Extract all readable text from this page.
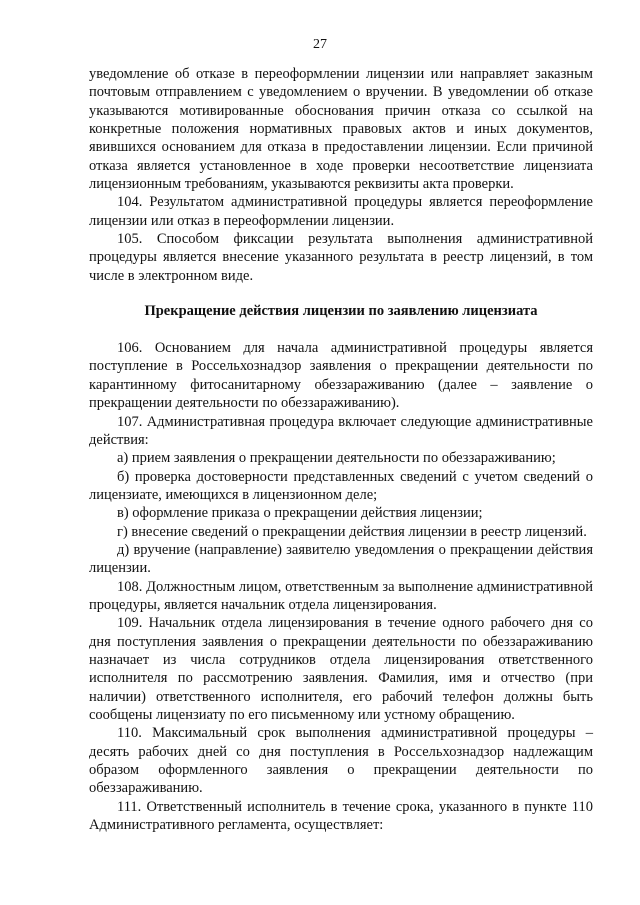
27

уведомление об отказе в переоформлении лицензии или направляет заказным почтовым отправлением с уведомлением о вручении. В уведомлении об отказе указываются мотивированные обоснования причин отказа со ссылкой на конкретные положения нормативных правовых актов и иных документов, явившихся основанием для отказа в предоставлении лицензии. Если причиной отказа является установленное в ходе проверки несоответствие лицензиата лицензионным требованиям, указываются реквизиты акта проверки.

104. Результатом административной процедуры является переоформление лицензии или отказ в переоформлении лицензии.

105. Способом фиксации результата выполнения административной процедуры является внесение указанного результата в реестр лицензий, в том числе в электронном виде.

Прекращение действия лицензии по заявлению лицензиата

106. Основанием для начала административной процедуры является поступление в Россельхознадзор заявления о прекращении деятельности по карантинному фитосанитарному обеззараживанию (далее – заявление о прекращении деятельности по обеззараживанию).

107. Административная процедура включает следующие административные действия:

а) прием заявления о прекращении деятельности по обеззараживанию;

б) проверка достоверности представленных сведений с учетом сведений о лицензиате, имеющихся в лицензионном деле;

в) оформление приказа о прекращении действия лицензии;

г) внесение сведений о прекращении действия лицензии в реестр лицензий.

д) вручение (направление) заявителю уведомления о прекращении действия лицензии.

108. Должностным лицом, ответственным за выполнение административной процедуры, является начальник отдела лицензирования.

109. Начальник отдела лицензирования в течение одного рабочего дня со дня поступления заявления о прекращении деятельности по обеззараживанию назначает из числа сотрудников отдела лицензирования ответственного исполнителя по рассмотрению заявления. Фамилия, имя и отчество (при наличии) ответственного исполнителя, его рабочий телефон должны быть сообщены лицензиату по его письменному или устному обращению.

110. Максимальный срок выполнения административной процедуры – десять рабочих дней со дня поступления в Россельхознадзор надлежащим образом оформленного заявления о прекращении деятельности по обеззараживанию.

111. Ответственный исполнитель в течение срока, указанного в пункте 110 Административного регламента, осуществляет:
